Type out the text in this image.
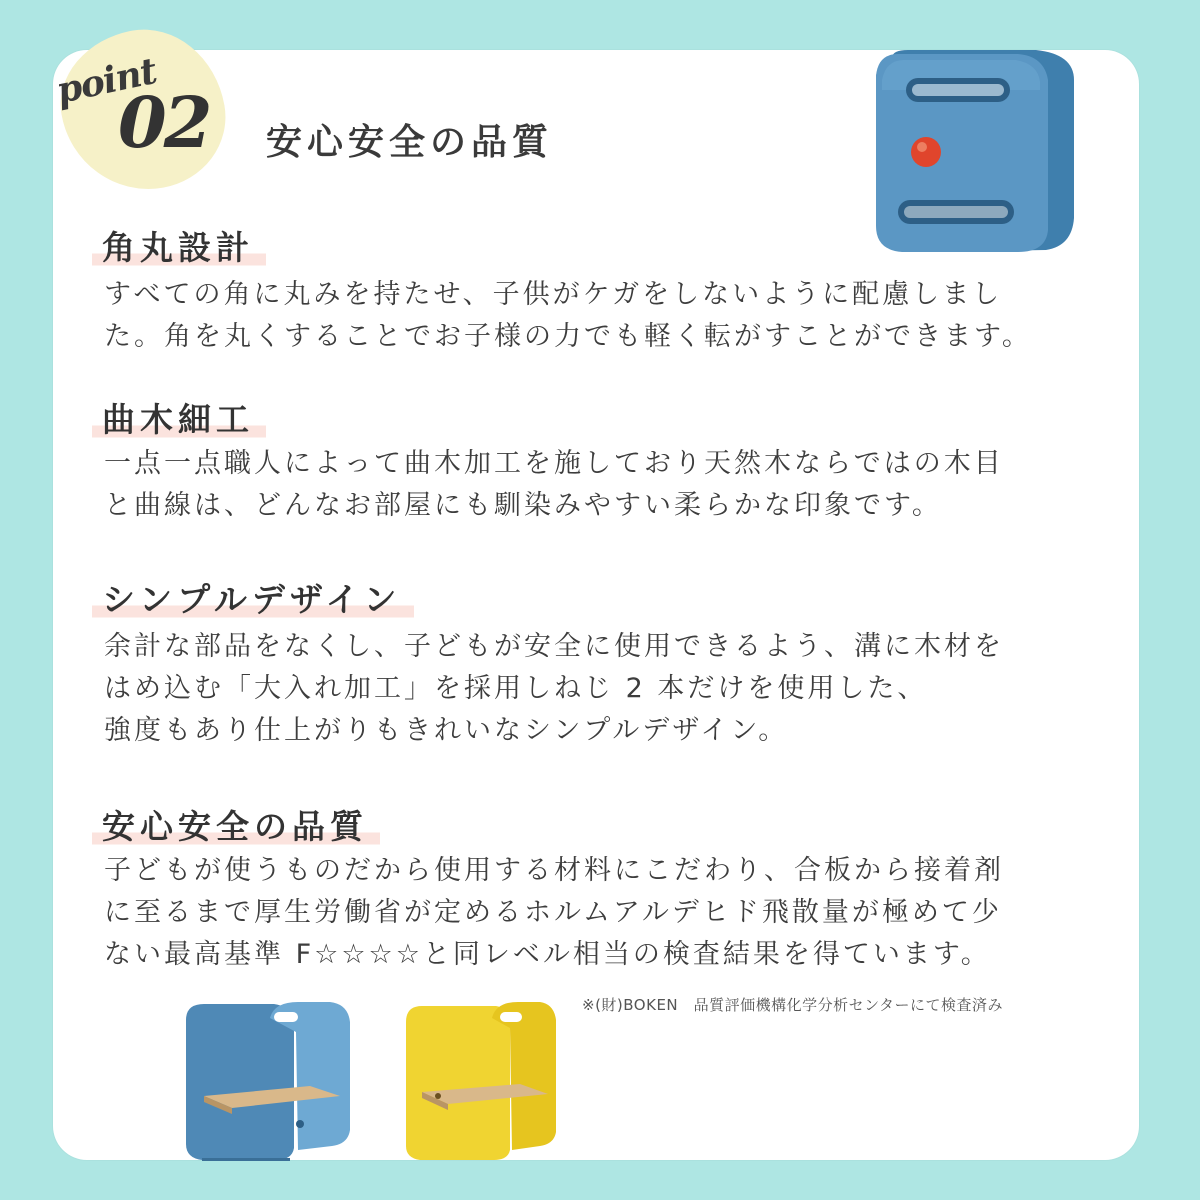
point
02 安心安全の品質
角丸設計
すべての角に丸みを持たせ、子供がケガをしないように配慮しまし
た。角を丸くすることでお子様の力でも軽く転がすことができます。
曲木細工
一点一点職人によって曲木加工を施しており天然木ならではの木目
と曲線は、どんなお部屋にも馴染みやすい柔らかな印象です。
シンプルデザイン
余計な部品をなくし、子どもが安全に使用できるよう、溝に木材を
はめ込む「大入れ加工」を採用しねじ 2 本だけを使用した、
強度もあり仕上がりもきれいなシンプルデザイン。
安心安全の品質
子どもが使うものだから使用する材料にこだわり、合板から接着剤
に至るまで厚生労働省が定めるホルムアルデヒド飛散量が極めて少
ない最高基準 F☆☆☆☆と同レベル相当の検査結果を得ています。
※(財)BOKEN　品質評価機構化学分析センターにて検査済み
